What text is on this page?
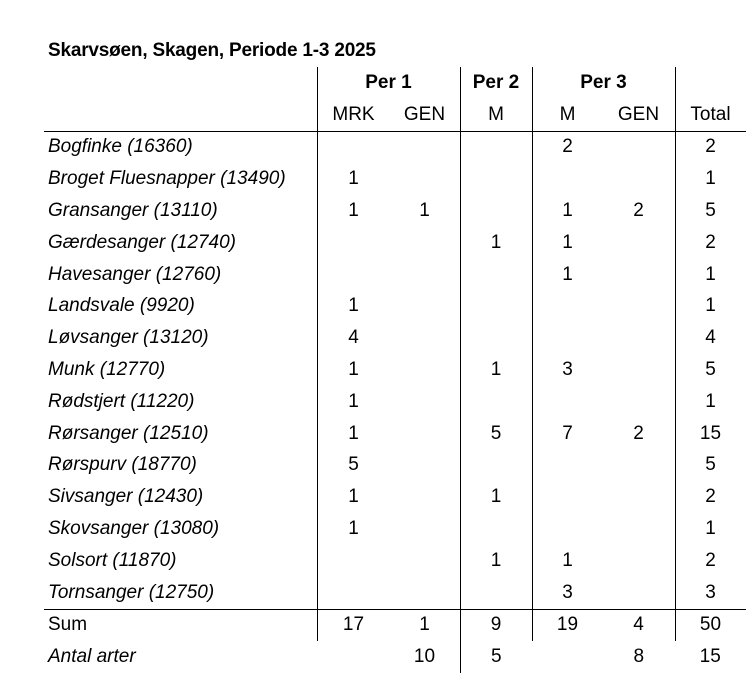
Skarvsøen, Skagen, Periode 1-3 2025
	Per 1		Per 2	Per 3		
	MRK	GEN	M	M	GEN	Total
Bogfinke (16360)				2		2
Broget Fluesnapper (13490)	1					1
Gransanger (13110)	1	1		1	2	5
Gærdesanger (12740)			1	1		2
Havesanger (12760)				1		1
Landsvale (9920)	1					1
Løvsanger (13120)	4					4
Munk (12770)	1		1	3		5
Rødstjert (11220)	1					1
Rørsanger (12510)	1		5	7	2	15
Rørspurv (18770)	5					5
Sivsanger (12430)	1		1			2
Skovsanger (13080)	1					1
Solsort (11870)			1	1		2
Tornsanger (12750)				3		3
Sum	17	1	9	19	4	50
Antal arter		10	5		8	15
